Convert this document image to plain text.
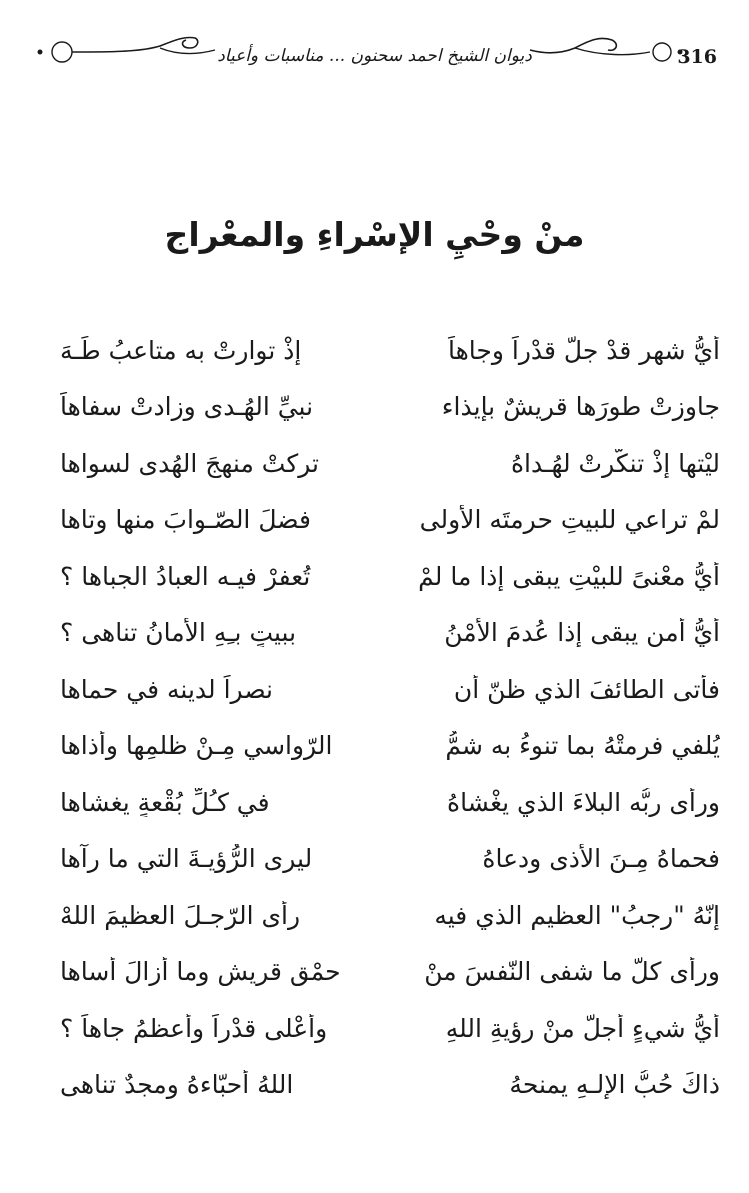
316
ديوان الشيخ احمد سحنون ... مناسبات وأعياد
منْ وحْيِ الإسْراءِ والمعْراج
أيُّ شهرٍ قدْ جلَّ قدْراً وجاهاً
إذْ توارتْ به متاعبُ طَـهَ
جاوزتْ طورَها قريشٌ بإيذاء
نبيِّ الهُـدى وزادتْ سفاهاً
ليْتها إذْ تنكّرتْ لهُـداهُ
تركتْ منهجَ الهُدى لسواها
لمْ تراعي للبيتِ حرمتَه الأولى
فضلَ الصّـوابَ منها وتاها
أيُّ معْنىً للبيْتِ يبقى إذا ما لمْ
تُعفرْ فيـه العبادُ الجباها ؟
أيُّ أمنٍ يبقى إذا عُدمَ الأمْنُ
ببيتٍ بـِهِ الأمانُ تناهى ؟
فأتى الطائفَ الذي ظنّ أن
نصراً لدينه في حماها
يُلفي فرمتْهُ بما تنوءُ به شمُّ
الرّواسي مِـنْ ظلمِها وأذاها
ورأى ربُّه البلاءَ الذي يغْشاهُ
في كـُلِّ بُقْعةٍ يغشاها
فحماهُ مِـنَ الأذى ودعاهُ
ليرى الرُّؤيـةَ التي ما رآها
إنّهُ "رجبُ" العظيمِ الذي فيه
رأى الرّجـلَ العظيمَ اللهْ
ورأى كلَّ ما شفى النّفسَ منْ
حمْقِ قريشٍ وما أزالَ أساها
أيُّ شيءٍ أجلُّ منْ رؤيةِ اللهِ
وأعْلى قدْراً وأعظمُ جاهاً ؟
ذاكَ حُبُّ الإلـهِ يمنحهُ
اللهُ أحبّاءهُ ومجدٌ تناهى
